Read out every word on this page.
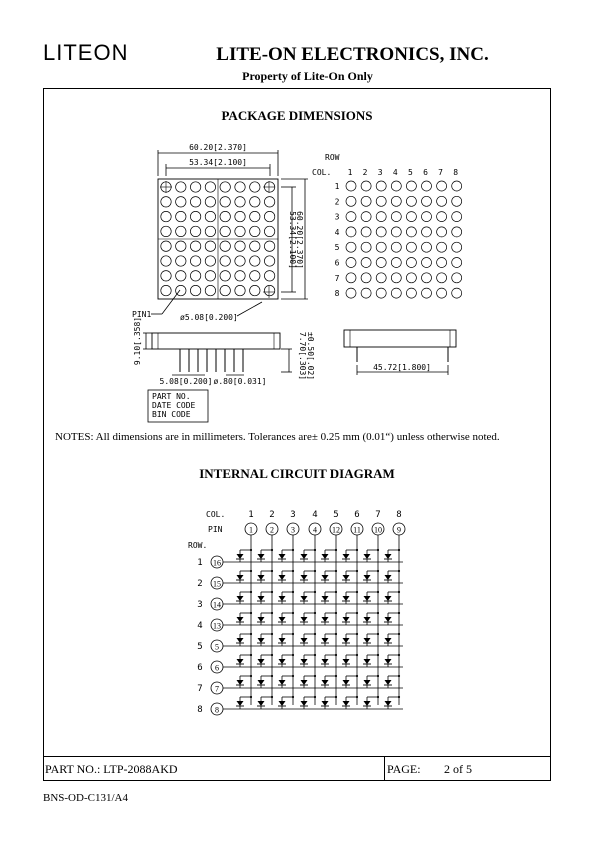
LITEON	LITE-ON ELECTRONICS, INC.
Property of Lite-On Only
PACKAGE DIMENSIONS
NOTES: All dimensions are in millimeters. Tolerances are± 0.25 mm (0.01“) unless otherwise noted.
INTERNAL CIRCUIT DIAGRAM
60.20[2.370]
53.34[2.100]
53.34[2.100]
60.20[2.370]
PIN1	ø5.08[0.200]
ROW
COL. 1 2 3 4 5 6 7 8
1
2
3
4
5
6
7
8
9.10[.358]	7.70[.303] ±0.50[.02]
5.08[0.200] ø.80[0.031]
PART NO.
DATE CODE
BIN CODE
45.72[1.800]
COL.
PIN
ROW.
1
1
2
2
3
3
4
4
5
12
6
11
7
10
8
9
1 16
2 15
3 14
4 13
5 5
6 6
7 7
8 8
PART NO.: LTP-2088AKD	PAGE: 2 of 5
BNS-OD-C131/A4
